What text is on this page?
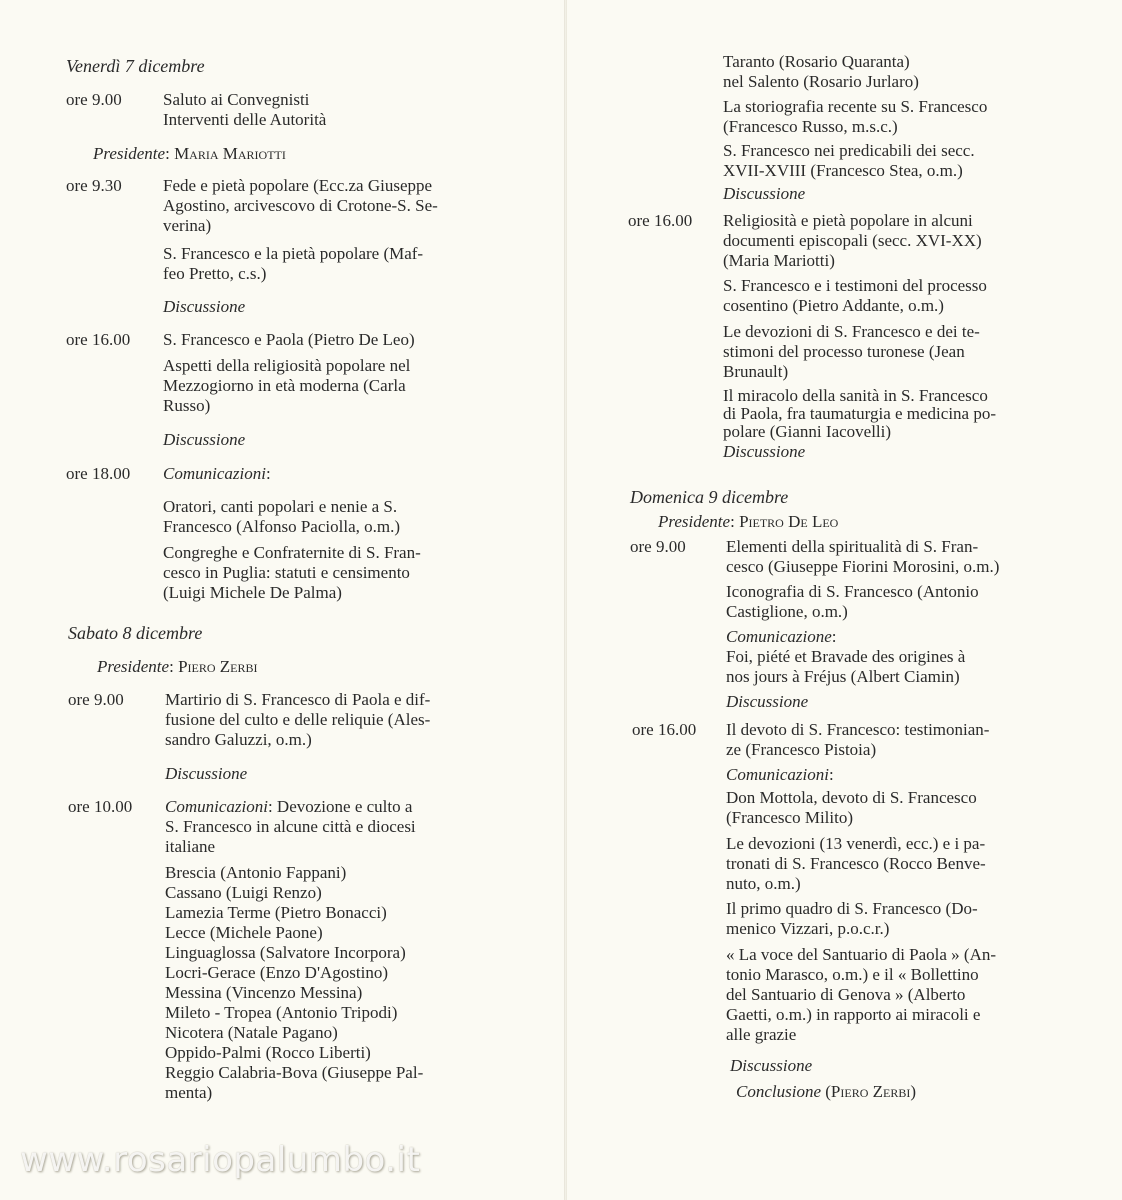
Venerdì 7 dicembre
ore 9.00 Saluto ai Convegnisti
Interventi delle Autorità
Presidente: Maria Mariotti
ore 9.30 Fede e pietà popolare (Ecc.za Giuseppe
Agostino, arcivescovo di Crotone-S. Se-
verina)
S. Francesco e la pietà popolare (Maf-
feo Pretto, c.s.)
Discussione
ore 16.00 S. Francesco e Paola (Pietro De Leo)
Aspetti della religiosità popolare nel
Mezzogiorno in età moderna (Carla
Russo)
Discussione
ore 18.00 Comunicazioni:
Oratori, canti popolari e nenie a S.
Francesco (Alfonso Paciolla, o.m.)
Congreghe e Confraternite di S. Fran-
cesco in Puglia: statuti e censimento
(Luigi Michele De Palma)
Sabato 8 dicembre
Presidente: Piero Zerbi
ore 9.00 Martirio di S. Francesco di Paola e dif-
fusione del culto e delle reliquie (Ales-
sandro Galuzzi, o.m.)
Discussione
ore 10.00 Comunicazioni: Devozione e culto a
S. Francesco in alcune città e diocesi
italiane
Brescia (Antonio Fappani)
Cassano (Luigi Renzo)
Lamezia Terme (Pietro Bonacci)
Lecce (Michele Paone)
Linguaglossa (Salvatore Incorpora)
Locri-Gerace (Enzo D'Agostino)
Messina (Vincenzo Messina)
Mileto - Tropea (Antonio Tripodi)
Nicotera (Natale Pagano)
Oppido-Palmi (Rocco Liberti)
Reggio Calabria-Bova (Giuseppe Pal-
menta)
Taranto (Rosario Quaranta)
nel Salento (Rosario Jurlaro)
La storiografia recente su S. Francesco
(Francesco Russo, m.s.c.)
S. Francesco nei predicabili dei secc.
XVII-XVIII (Francesco Stea, o.m.)
Discussione
ore 16.00 Religiosità e pietà popolare in alcuni
documenti episcopali (secc. XVI-XX)
(Maria Mariotti)
S. Francesco e i testimoni del processo
cosentino (Pietro Addante, o.m.)
Le devozioni di S. Francesco e dei te-
stimoni del processo turonese (Jean
Brunault)
Il miracolo della sanità in S. Francesco
di Paola, fra taumaturgia e medicina po-
polare (Gianni Iacovelli)
Discussione
Domenica 9 dicembre
Presidente: Pietro De Leo
ore 9.00 Elementi della spiritualità di S. Fran-
cesco (Giuseppe Fiorini Morosini, o.m.)
Iconografia di S. Francesco (Antonio
Castiglione, o.m.)
Comunicazione:
Foi, piété et Bravade des origines à
nos jours à Fréjus (Albert Ciamin)
Discussione
ore 16.00 Il devoto di S. Francesco: testimonian-
ze (Francesco Pistoia)
Comunicazioni:
Don Mottola, devoto di S. Francesco
(Francesco Milito)
Le devozioni (13 venerdì, ecc.) e i pa-
tronati di S. Francesco (Rocco Benve-
nuto, o.m.)
Il primo quadro di S. Francesco (Do-
menico Vizzari, p.o.c.r.)
« La voce del Santuario di Paola » (An-
tonio Marasco, o.m.) e il « Bollettino
del Santuario di Genova » (Alberto
Gaetti, o.m.) in rapporto ai miracoli e
alle grazie
Discussione
Conclusione (Piero Zerbi)
www.rosariopalumbo.it
